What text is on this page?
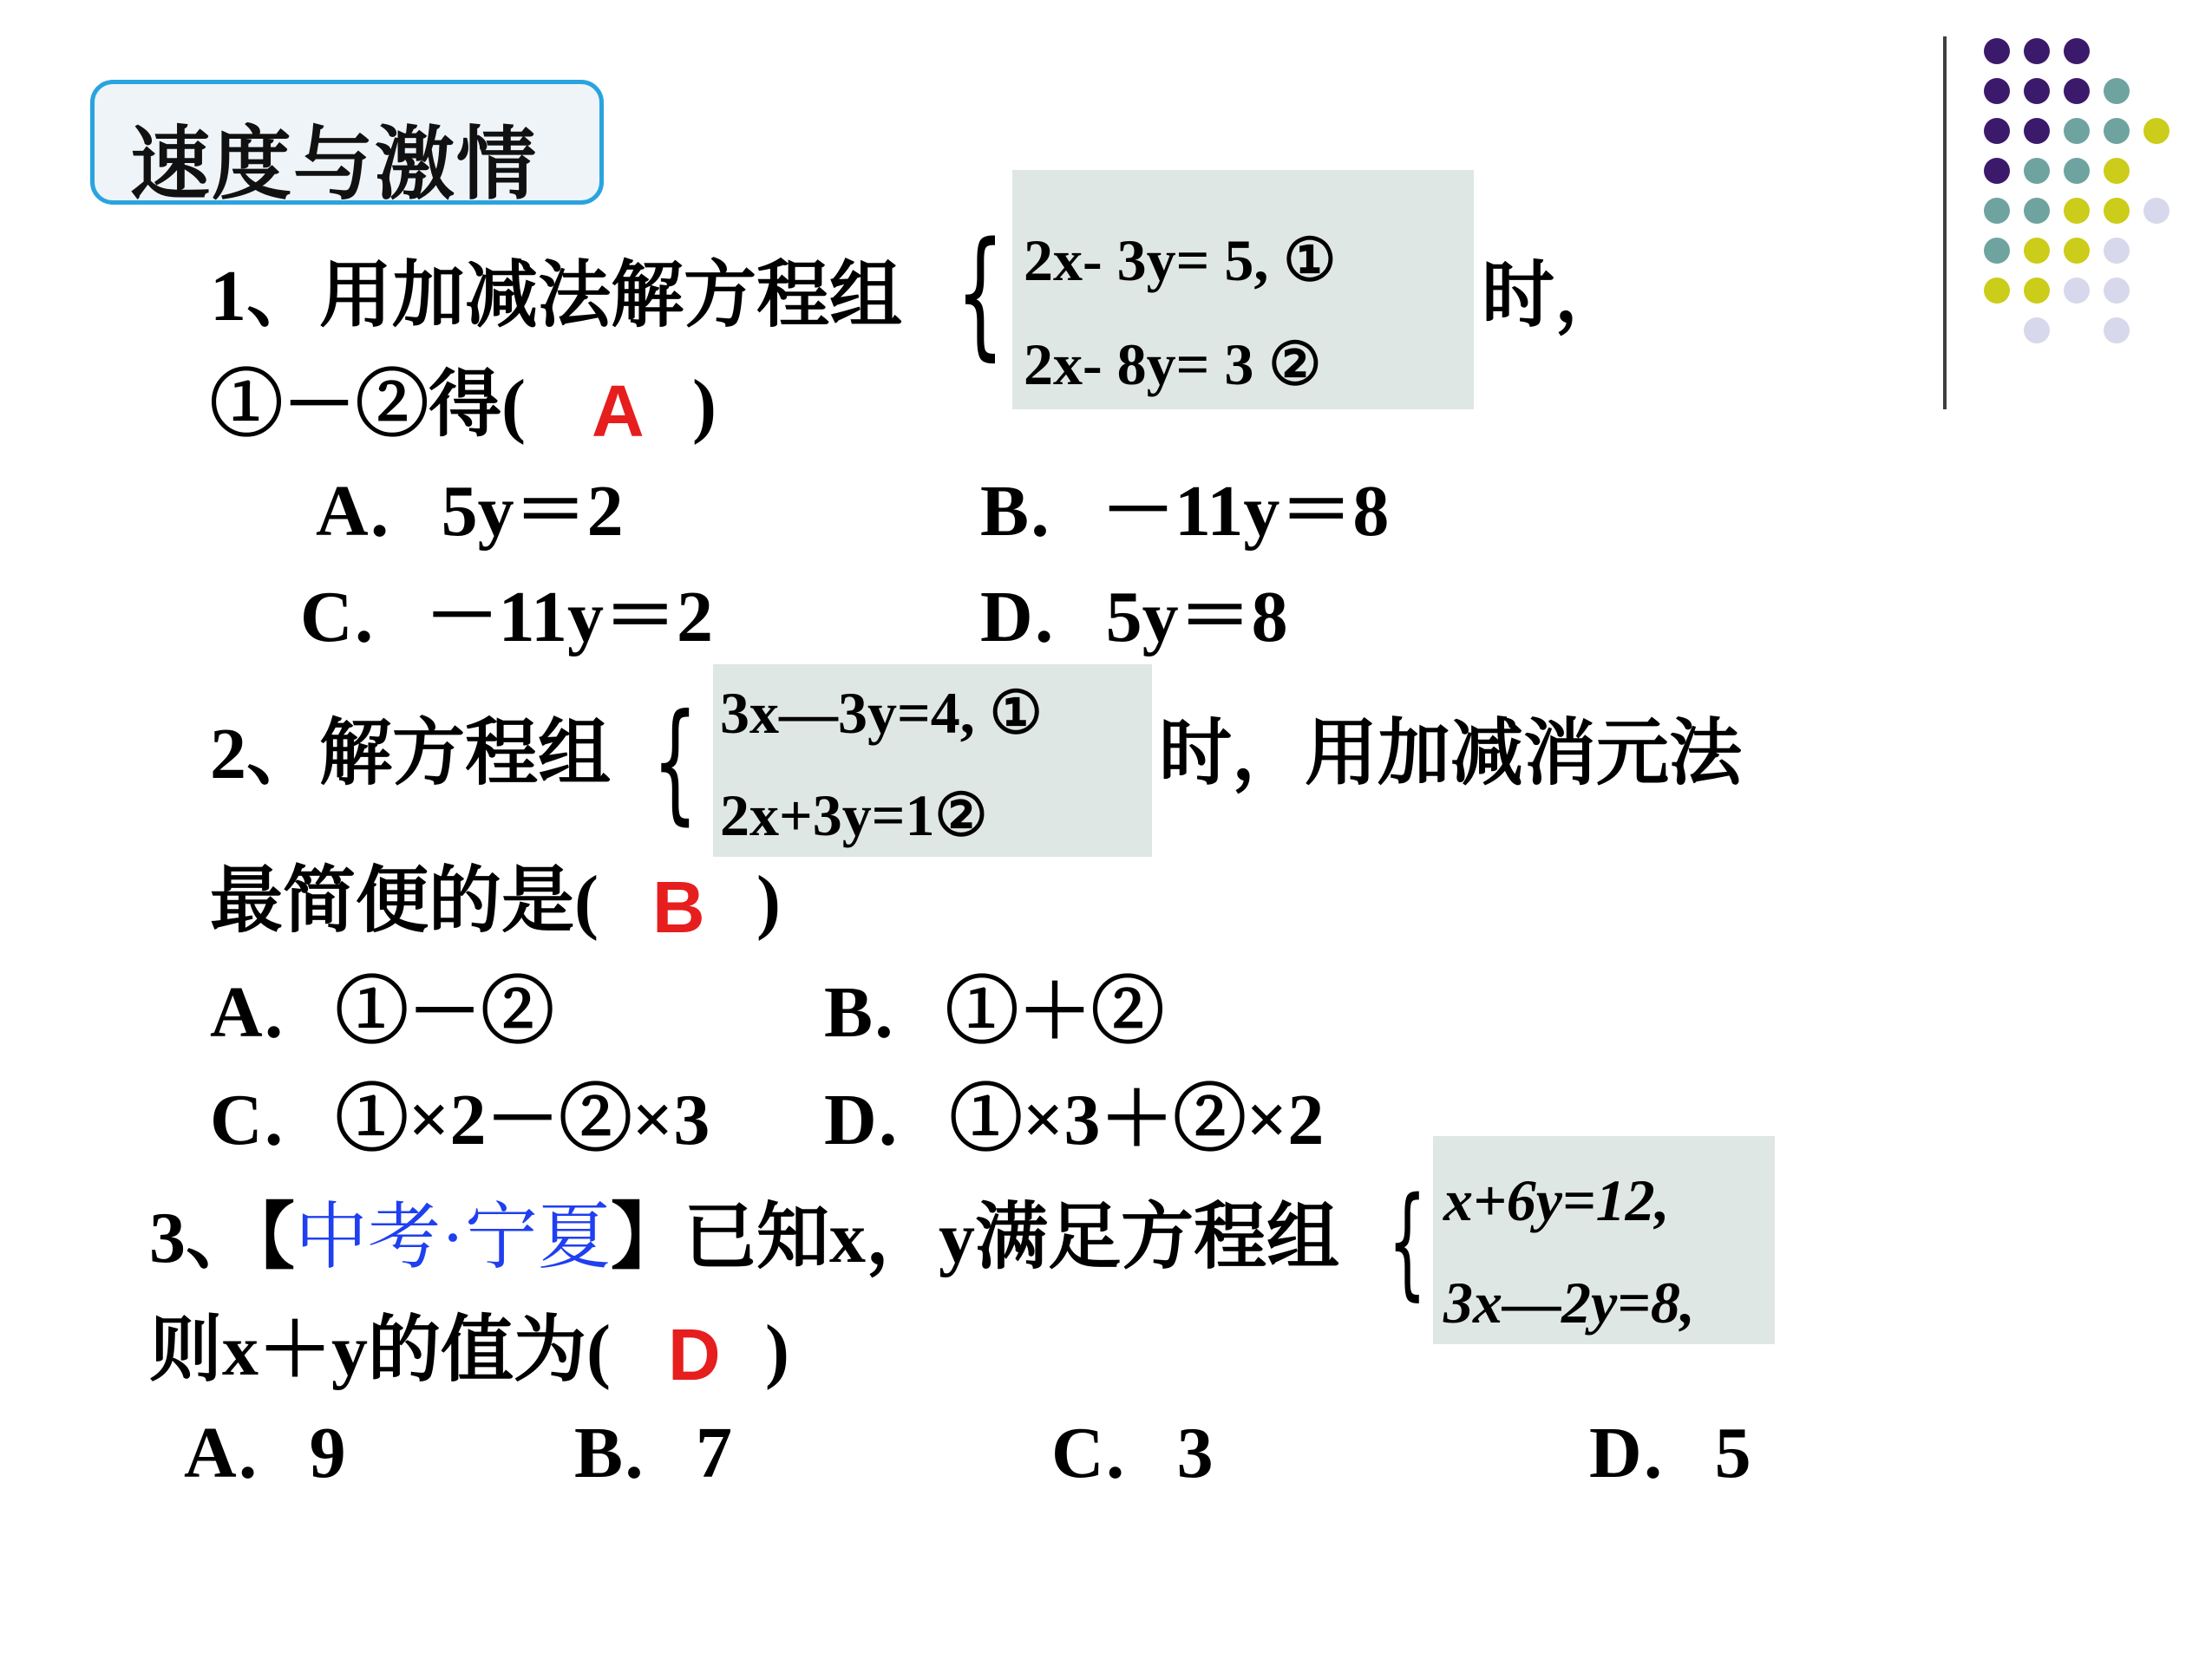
速度与激情
1、用加减法解方程组 { 2x- 3y= 5, ①
2x- 8y= 3 ②
时，
①－②得( A )
A．5y＝2	B．－11y＝8
C．－11y＝2	D．5y＝8
2、解方程组 { 3x—3y=4, ①
2x+3y=1②
时，用加减消元法
最简便的是( B )
A．①－②	B．①＋②
C．①×2－②×3 D．①×3＋②×2
3、【中考·宁夏】已知x，y满足方程组 { x+6y=12,
3x—2y=8,
则x＋y的值为( D )
A．9	B．7	C．3	D．5
